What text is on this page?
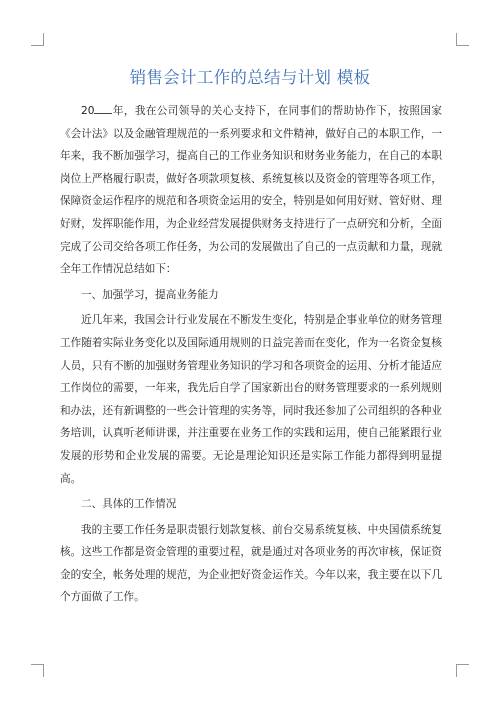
销售会计工作的总结与计划 模板

20 年，我在公司领导的关心支持下，在同事们的帮助协作下，按照国家《会计法》以及金融管理规范的一系列要求和文件精神，做好自己的本职工作，一年来，我不断加强学习，提高自己的工作业务知识和财务业务能力，在自己的本职岗位上严格履行职责，做好各项款项复核、系统复核以及资金的管理等各项工作，保障资金运作程序的规范和各项资金运用的安全，特别是如何用好财、管好财、理好财，发挥职能作用，为企业经营发展提供财务支持进行了一点研究和分析，全面完成了公司交给各项工作任务，为公司的发展做出了自己的一点贡献和力量，现就全年工作情况总结如下：

一、加强学习，提高业务能力

近几年来，我国会计行业发展在不断发生变化，特别是企事业单位的财务管理工作随着实际业务变化以及国际通用规则的日益完善而在变化，作为一名资金复核人员，只有不断的加强财务管理业务知识的学习和各项资金的运用、分析才能适应工作岗位的需要，一年来，我先后自学了国家新出台的财务管理要求的一系列规则和办法，还有新调整的一些会计管理的实务等，同时我还参加了公司组织的各种业务培训，认真听老师讲课，并注重要在业务工作的实践和运用，使自己能紧跟行业发展的形势和企业发展的需要。无论是理论知识还是实际工作能力都得到明显提高。

二、具体的工作情况

我的主要工作任务是职责银行划款复核、前台交易系统复核、中央国债系统复核。这些工作都是资金管理的重要过程，就是通过对各项业务的再次审核，保证资金的安全，帐务处理的规范，为企业把好资金运作关。今年以来，我主要在以下几个方面做了工作。
